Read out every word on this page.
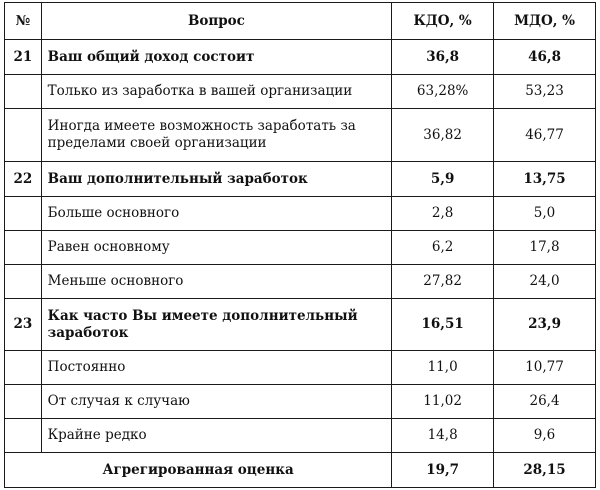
№	Вопрос	КДО, %	МДО, %
21	Ваш общий доход состоит	36,8	46,8
	Только из заработка в вашей организации	63,28%	53,23
	Иногда имеете возможность заработать за пределами своей организации	36,82	46,77
22	Ваш дополнительный заработок	5,9	13,75
	Больше основного	2,8	5,0
	Равен основному	6,2	17,8
	Меньше основного	27,82	24,0
23	Как часто Вы имеете дополнительный заработок	16,51	23,9
	Постоянно	11,0	10,77
	От случая к случаю	11,02	26,4
	Крайне редко	14,8	9,6
Агрегированная оценка		19,7	28,15
